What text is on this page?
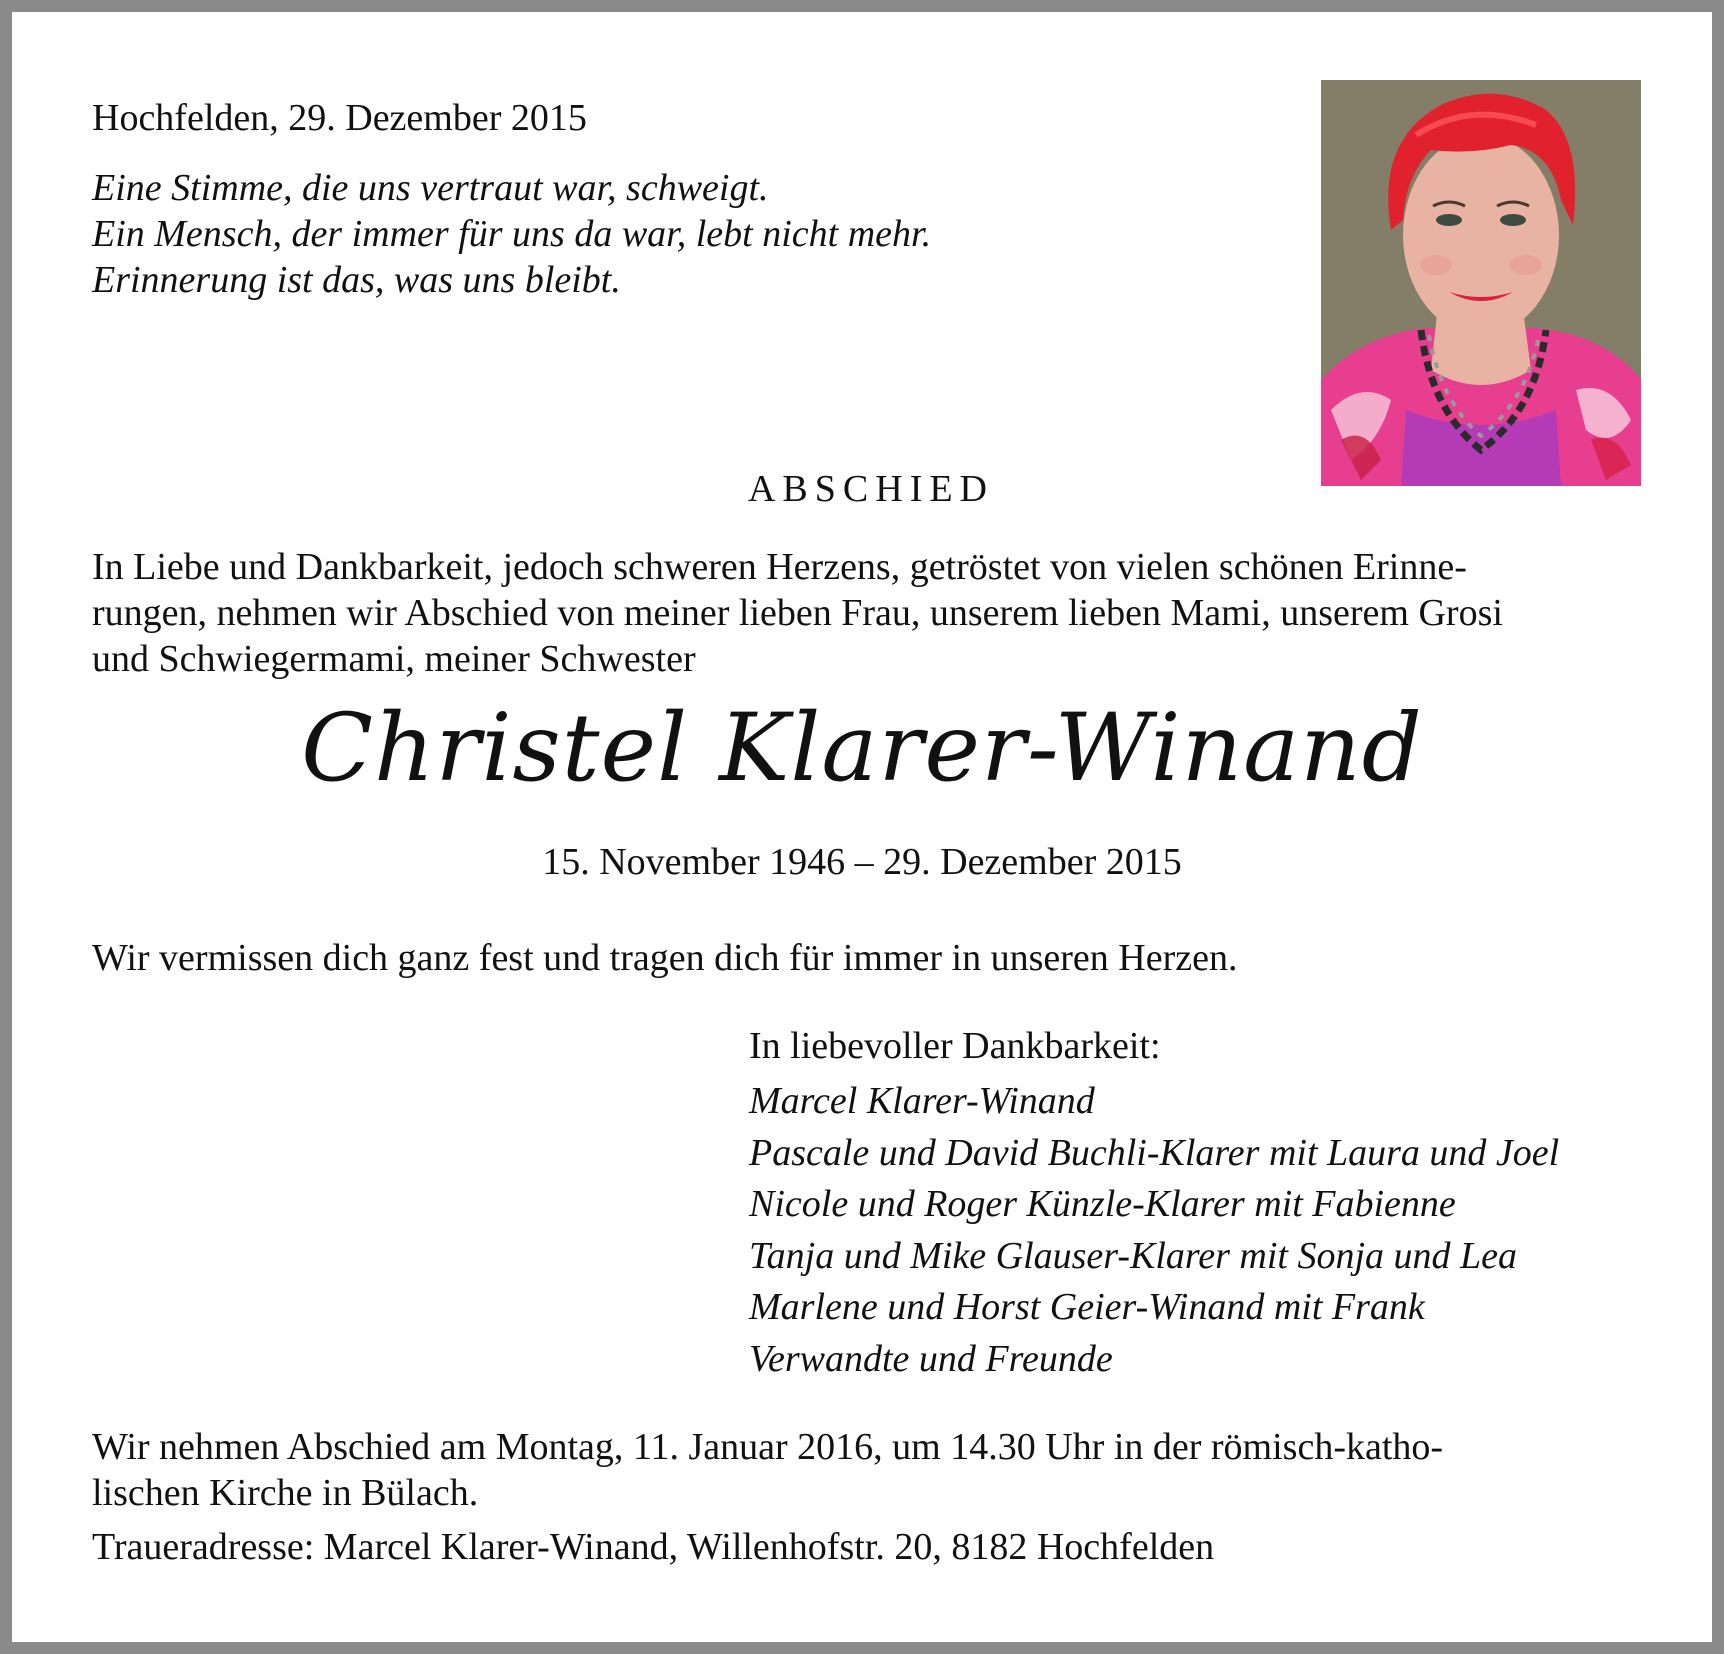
Hochfelden, 29. Dezember 2015
Eine Stimme, die uns vertraut war, schweigt.
Ein Mensch, der immer für uns da war, lebt nicht mehr.
Erinnerung ist das, was uns bleibt.
ABSCHIED
In Liebe und Dankbarkeit, jedoch schweren Herzens, getröstet von vielen schönen Erinne-
rungen, nehmen wir Abschied von meiner lieben Frau, unserem lieben Mami, unserem Grosi
und Schwiegermami, meiner Schwester
Christel Klarer-Winand
15. November 1946 – 29. Dezember 2015
Wir vermissen dich ganz fest und tragen dich für immer in unseren Herzen.
In liebevoller Dankbarkeit:
Marcel Klarer-Winand
Pascale und David Buchli-Klarer mit Laura und Joel
Nicole und Roger Künzle-Klarer mit Fabienne
Tanja und Mike Glauser-Klarer mit Sonja und Lea
Marlene und Horst Geier-Winand mit Frank
Verwandte und Freunde
Wir nehmen Abschied am Montag, 11. Januar 2016, um 14.30 Uhr in der römisch-katho-
lischen Kirche in Bülach.
Traueradresse: Marcel Klarer-Winand, Willenhofstr. 20, 8182 Hochfelden
